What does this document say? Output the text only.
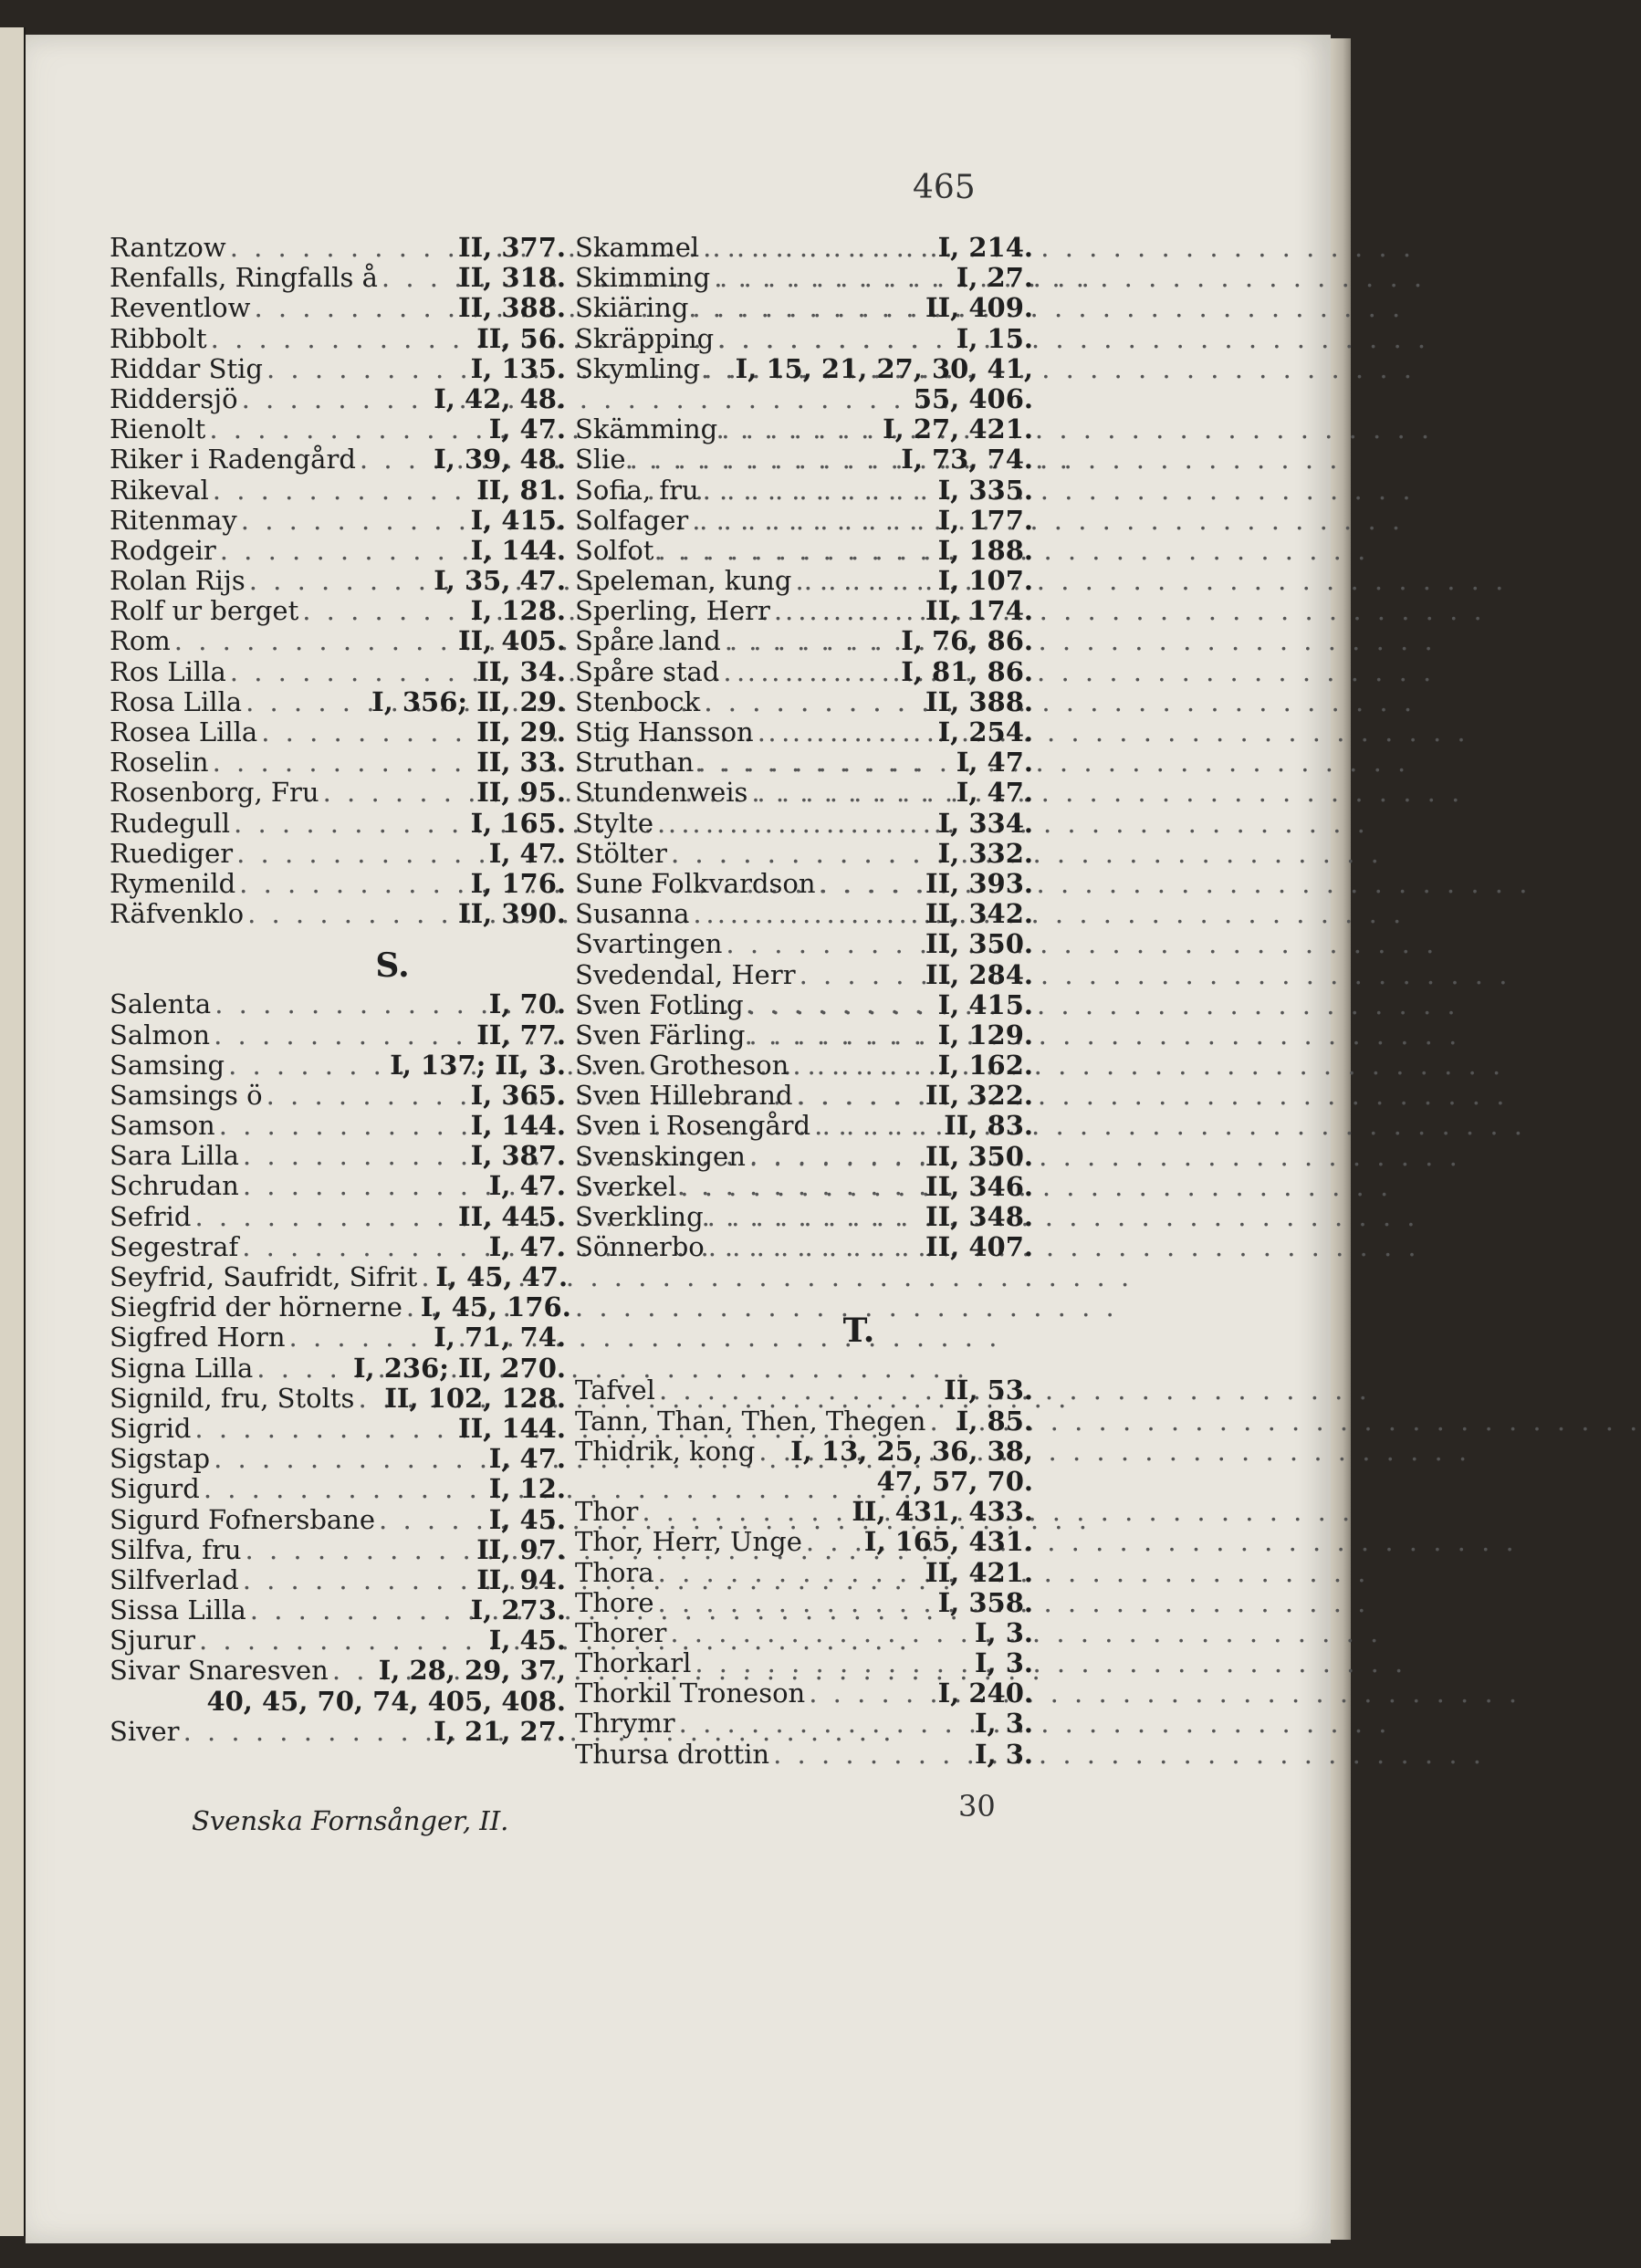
465
Rantzow . . .	II, 377.
Renfalls, Ringfalls å . . .	II, 318.
Reventlow . . .	II, 388.
Ribbolt . . .	II, 56.
Riddar Stig . . .	I, 135.
Riddersjö . . .	I, 42, 48.
Rienolt . . .	I, 47.
Riker i Radengård . . .	I, 39, 48.
Rikeval . . .	II, 81.
Ritenmay . . .	I, 415.
Rodgeir . . .	I, 144.
Rolan Rijs . . .	I, 35, 47.
Rolf ur berget . . .	I, 128.
Rom . . .	II, 405.
Ros Lilla . . .	II, 34.
Rosa Lilla . . .	I, 356; II, 29.
Rosea Lilla . . .	II, 29.
Roselin . . .	II, 33.
Rosenborg, Fru . . .	II, 95.
Rudegull . . .	I, 165.
Ruediger . . .	I, 47.
Rymenild . . .	I, 176.
Räfvenklo . . .	II, 390.
S.
Salenta . . .	I, 70.
Salmon . . .	II, 77.
Samsing . . .	I, 137; II, 3.
Samsings ö . . .	I, 365.
Samson . . .	I, 144.
Sara Lilla . . .	I, 387.
Schrudan . . .	I, 47.
Sefrid . . .	II, 445.
Segestraf . . .	I, 47.
Seyfrid, Saufridt, Sifrit . . . I, 45, 47.
Siegfrid der hörnerne . . . I, 45, 176.
Sigfred Horn . . .	I, 71, 74.
Signa Lilla . . .	I, 236; II, 270.
Signild, fru, Stolts . . . II, 102, 128.
Sigrid . . .	II, 144.
Sigstap . . .	I, 47.
Sigurd . . .	I, 12.
Sigurd Fofnersbane . . .	I, 45.
Silfva, fru . . .	II, 97.
Silfverlad . . .	II, 94.
Sissa Lilla . . .	I, 273.
Sjurur . . .	I, 45.
Sivar Snaresven . . . I, 28, 29, 37,
40, 45, 70, 74, 405, 408.
Siver . . .	I, 21, 27.
Skammel . . .	I, 214.
Skimming . . .	I, 27.
Skiäring . . .	II, 409.
Skräpping . . .	I, 15.
Skymling . . . I, 15, 21, 27, 30, 41,
55, 406.
Skämming . . .	I, 27, 421.
Slie . . .	I, 73, 74.
Sofia, fru . . .	I, 335.
Solfager . . .	I, 177.
Solfot . . .	I, 188.
Speleman, kung . . .	I, 107.
Sperling, Herr . . .	II, 174.
Spåre land . . .	I, 76, 86.
Spåre stad . . .	I, 81, 86.
Stenbock . . .	II, 388.
Stig Hansson . . .	I, 254.
Struthan . . .	I, 47.
Stundenweis . . .	I, 47.
Stylte . . .	I, 334.
Stölter . . .	I, 332.
Sune Folkvardson . . .	II, 393.
Susanna . . .	II, 342.
Svartingen . . .	II, 350.
Svedendal, Herr . . .	II, 284.
Sven Fotling . . .	I, 415.
Sven Färling . . .	I, 129.
Sven Grotheson . . .	I, 162.
Sven Hillebrand . . .	II, 322.
Sven i Rosengård . . .	II, 83.
Svenskingen . . .	II, 350.
Sverkel . . .	II, 346.
Sverkling . . .	II, 348.
Sönnerbo . . .	II, 407.
T.
Tafvel . . .	II, 53.
Tann, Than, Then, Thegen . . . I, 85.
Thidrik, kong . . . I, 13, 25, 36, 38,
47, 57, 70.
Thor . . .	II, 431, 433.
Thor, Herr, Unge . . . I, 165, 431.
Thora . . .	II, 421.
Thore . . .	I, 358.
Thorer . . .	I, 3.
Thorkarl . . .	I, 3.
Thorkil Troneson . . .	I, 240.
Thrymr . . .	I, 3.
Thursa drottin . . .	I, 3.
Svenska Fornsånger, II.	30
